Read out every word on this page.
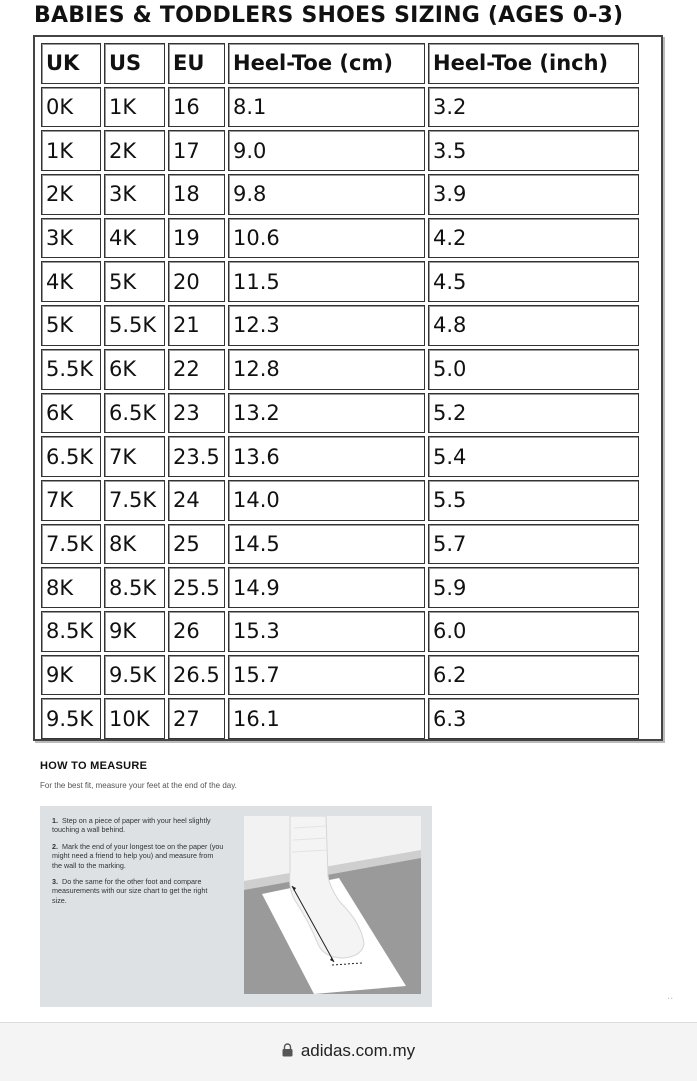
BABIES & TODDLERS SHOES SIZING (AGES 0-3)
UK	US	EU	Heel-Toe (cm)	Heel-Toe (inch)
0K	1K	16	8.1	3.2
1K	2K	17	9.0	3.5
2K	3K	18	9.8	3.9
3K	4K	19	10.6	4.2
4K	5K	20	11.5	4.5
5K	5.5K	21	12.3	4.8
5.5K	6K	22	12.8	5.0
6K	6.5K	23	13.2	5.2
6.5K	7K	23.5	13.6	5.4
7K	7.5K	24	14.0	5.5
7.5K	8K	25	14.5	5.7
8K	8.5K	25.5	14.9	5.9
8.5K	9K	26	15.3	6.0
9K	9.5K	26.5	15.7	6.2
9.5K	10K	27	16.1	6.3
HOW TO MEASURE
For the best fit, measure your feet at the end of the day.
1. Step on a piece of paper with your heel slightly touching a wall behind.
2. Mark the end of your longest toe on the paper (you might need a friend to help you) and measure from the wall to the marking.
3. Do the same for the other foot and compare measurements with our size chart to get the right size.
··
adidas.com.my
